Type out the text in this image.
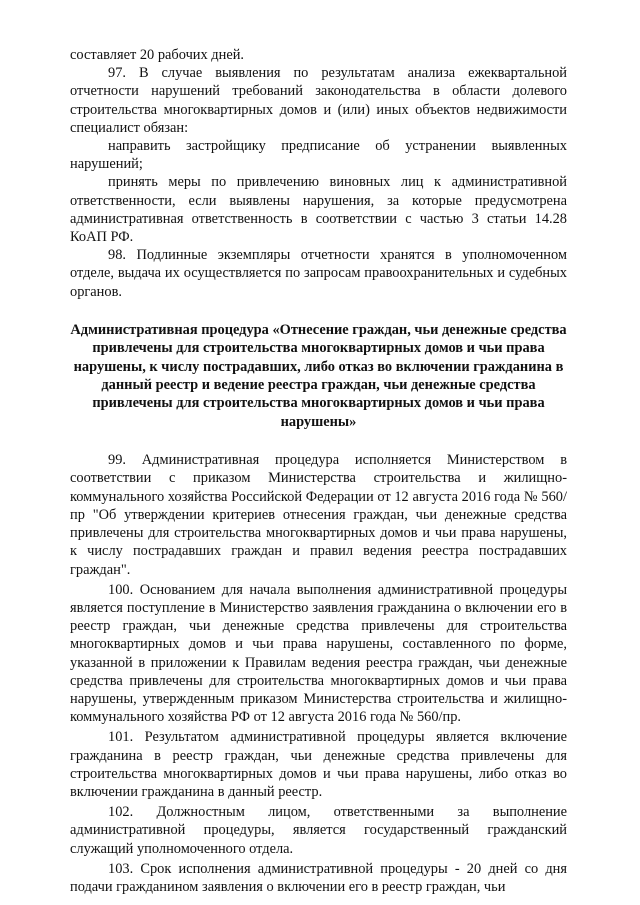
составляет 20 рабочих дней.

97. В случае выявления по результатам анализа ежеквартальной отчетности нарушений требований законодательства в области долевого строительства многоквартирных домов и (или) иных объектов недвижимости специалист обязан:

направить застройщику предписание об устранении выявленных нарушений;

принять меры по привлечению виновных лиц к административной ответственности, если выявлены нарушения, за которые предусмотрена административная ответственность в соответствии с частью 3 статьи 14.28 КоАП РФ.

98. Подлинные экземпляры отчетности хранятся в уполномоченном отделе, выдача их осуществляется по запросам правоохранительных и судебных органов.

Административная процедура «Отнесение граждан, чьи денежные средства привлечены для строительства многоквартирных домов и чьи права нарушены, к числу пострадавших, либо отказ во включении гражданина в данный реестр и ведение реестра граждан, чьи денежные средства привлечены для строительства многоквартирных домов и чьи права нарушены»

99. Административная процедура исполняется Министерством в соответствии с приказом Министерства строительства и жилищно-коммунального хозяйства Российской Федерации от 12 августа 2016 года № 560/пр "Об утверждении критериев отнесения граждан, чьи денежные средства привлечены для строительства многоквартирных домов и чьи права нарушены, к числу пострадавших граждан и правил ведения реестра пострадавших граждан".

100. Основанием для начала выполнения административной процедуры является поступление в Министерство заявления гражданина о включении его в реестр граждан, чьи денежные средства привлечены для строительства многоквартирных домов и чьи права нарушены, составленного по форме, указанной в приложении к Правилам ведения реестра граждан, чьи денежные средства привлечены для строительства многоквартирных домов и чьи права нарушены, утвержденным приказом Министерства строительства и жилищно-коммунального хозяйства РФ от 12 августа 2016 года № 560/пр.

101. Результатом административной процедуры является включение гражданина в реестр граждан, чьи денежные средства привлечены для строительства многоквартирных домов и чьи права нарушены, либо отказ во включении гражданина в данный реестр.

102. Должностным лицом, ответственными за выполнение административной процедуры, является государственный гражданский служащий уполномоченного отдела.

103. Срок исполнения административной процедуры - 20 дней со дня подачи гражданином заявления о включении его в реестр граждан, чьи
